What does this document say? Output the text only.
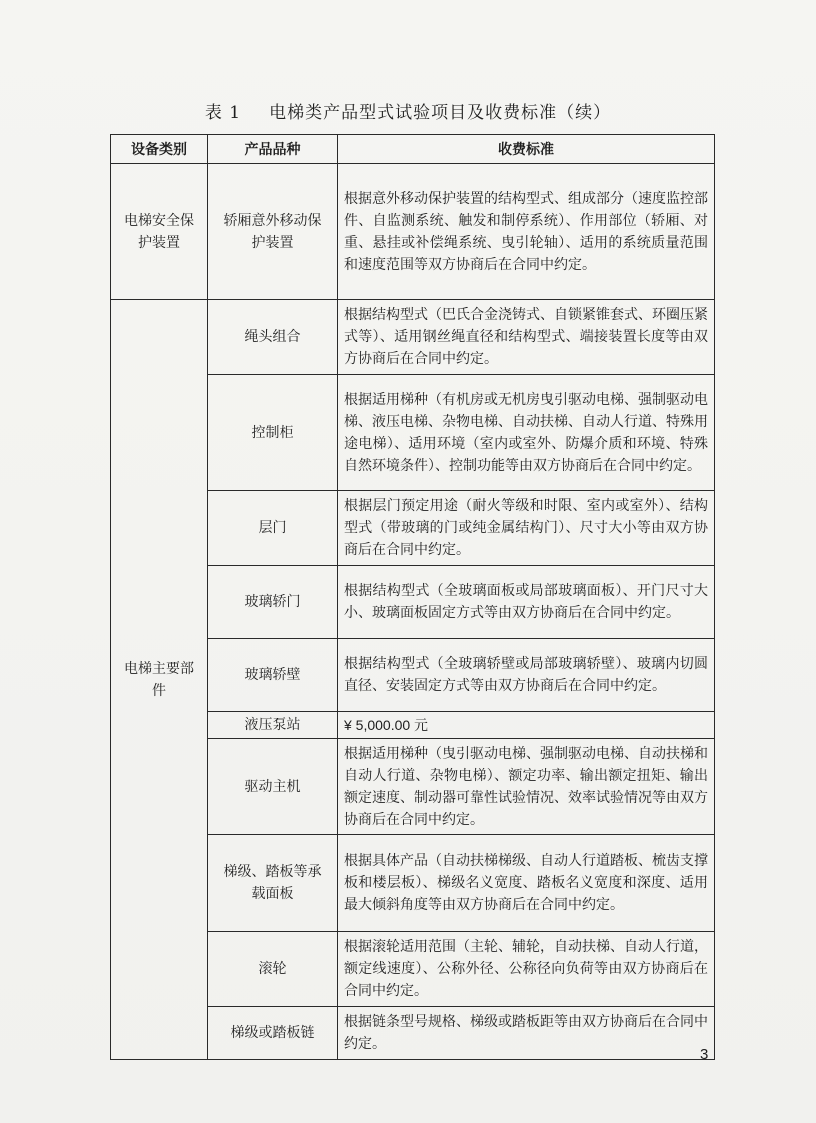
表 1 电梯类产品型式试验项目及收费标准（续）
设备类别	产品品种	收费标准
电梯安全保护装置	轿厢意外移动保护装置	根据意外移动保护装置的结构型式、组成部分（速度监控部件、自监测系统、触发和制停系统）、作用部位（轿厢、对重、悬挂或补偿绳系统、曳引轮轴）、适用的系统质量范围和速度范围等双方协商后在合同中约定。
电梯主要部件	绳头组合	根据结构型式（巴氏合金浇铸式、自锁紧锥套式、环圈压紧式等）、适用钢丝绳直径和结构型式、端接装置长度等由双方协商后在合同中约定。
	控制柜	根据适用梯种（有机房或无机房曳引驱动电梯、强制驱动电梯、液压电梯、杂物电梯、自动扶梯、自动人行道、特殊用途电梯）、适用环境（室内或室外、防爆介质和环境、特殊自然环境条件）、控制功能等由双方协商后在合同中约定。
	层门	根据层门预定用途（耐火等级和时限、室内或室外）、结构型式（带玻璃的门或纯金属结构门）、尺寸大小等由双方协商后在合同中约定。
	玻璃轿门	根据结构型式（全玻璃面板或局部玻璃面板）、开门尺寸大小、玻璃面板固定方式等由双方协商后在合同中约定。
	玻璃轿壁	根据结构型式（全玻璃轿壁或局部玻璃轿壁）、玻璃内切圆直径、安装固定方式等由双方协商后在合同中约定。
	液压泵站	¥ 5,000.00 元
	驱动主机	根据适用梯种（曳引驱动电梯、强制驱动电梯、自动扶梯和自动人行道、杂物电梯）、额定功率、输出额定扭矩、输出额定速度、制动器可靠性试验情况、效率试验情况等由双方协商后在合同中约定。
	梯级、踏板等承载面板	根据具体产品（自动扶梯梯级、自动人行道踏板、梳齿支撑板和楼层板）、梯级名义宽度、踏板名义宽度和深度、适用最大倾斜角度等由双方协商后在合同中约定。
	滚轮	根据滚轮适用范围（主轮、辅轮，自动扶梯、自动人行道，额定线速度）、公称外径、公称径向负荷等由双方协商后在合同中约定。
	梯级或踏板链	根据链条型号规格、梯级或踏板距等由双方协商后在合同中约定。
3
